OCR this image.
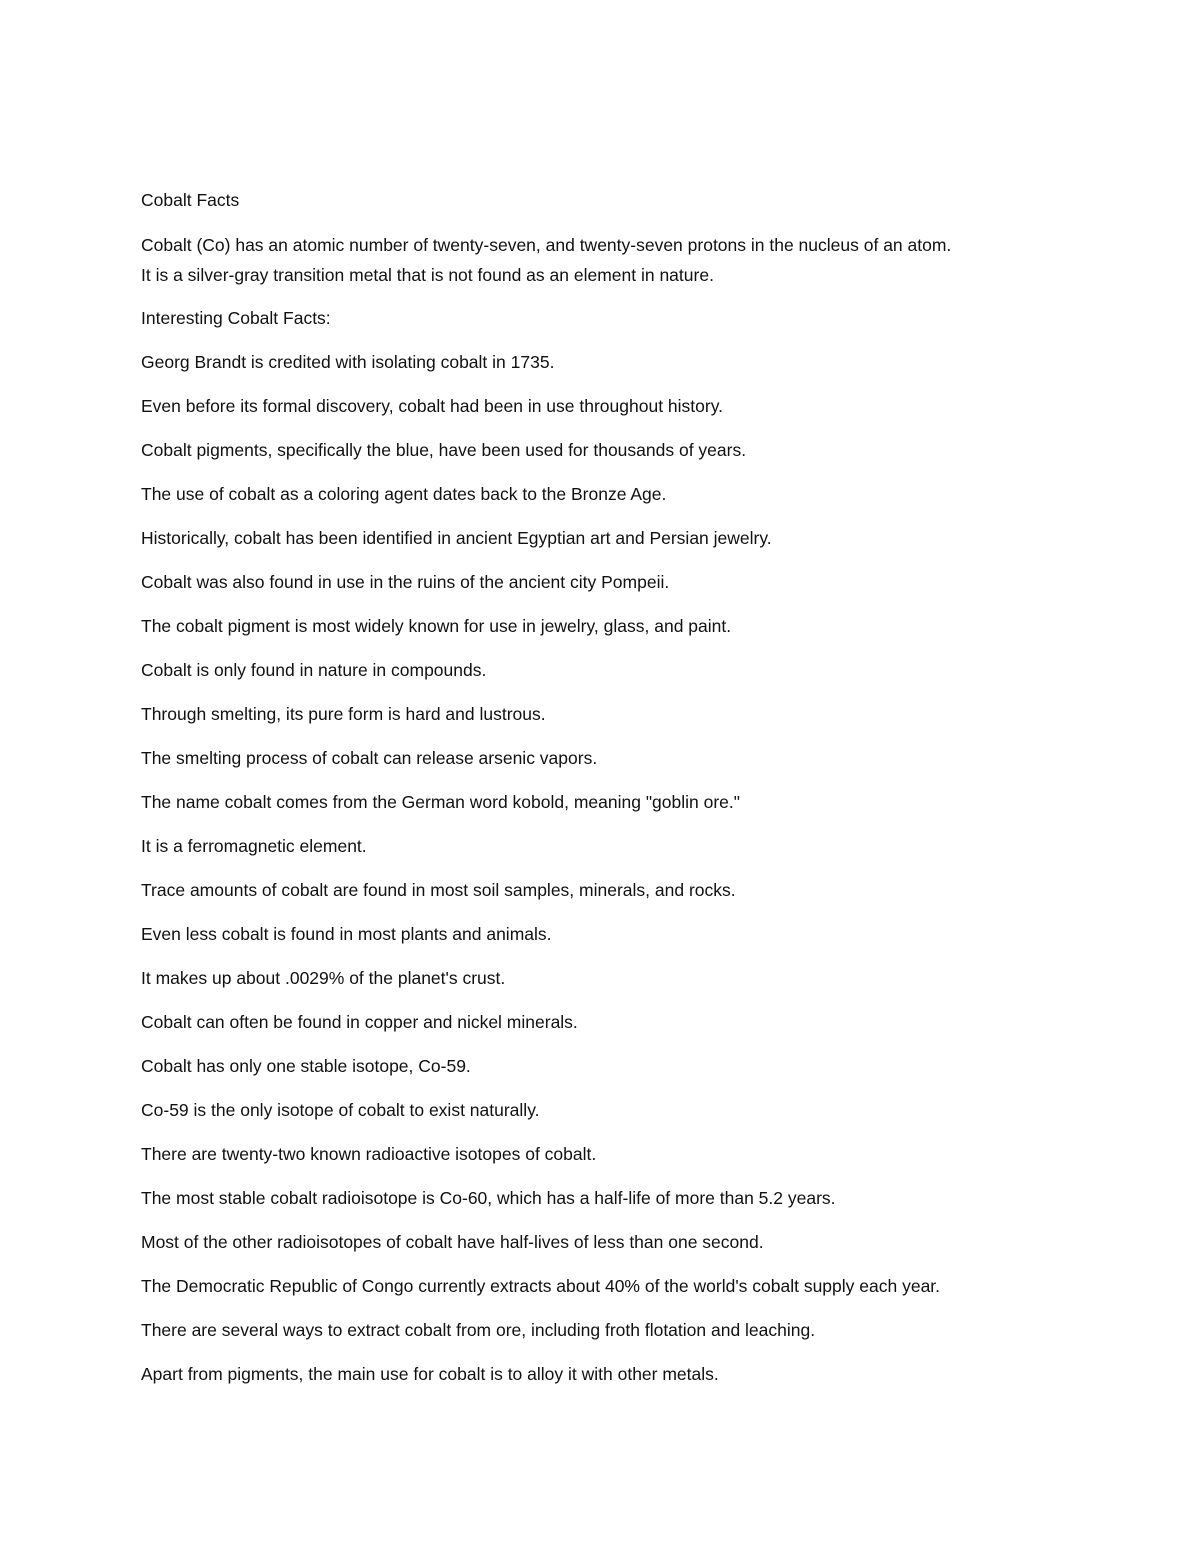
Cobalt Facts

Cobalt (Co) has an atomic number of twenty-seven, and twenty-seven protons in the nucleus of an atom.

It is a silver-gray transition metal that is not found as an element in nature.

Interesting Cobalt Facts:
Georg Brandt is credited with isolating cobalt in 1735.
Even before its formal discovery, cobalt had been in use throughout history.
Cobalt pigments, specifically the blue, have been used for thousands of years.
The use of cobalt as a coloring agent dates back to the Bronze Age.
Historically, cobalt has been identified in ancient Egyptian art and Persian jewelry.
Cobalt was also found in use in the ruins of the ancient city Pompeii.
The cobalt pigment is most widely known for use in jewelry, glass, and paint.
Cobalt is only found in nature in compounds.
Through smelting, its pure form is hard and lustrous.
The smelting process of cobalt can release arsenic vapors.
The name cobalt comes from the German word kobold, meaning "goblin ore."
It is a ferromagnetic element.
Trace amounts of cobalt are found in most soil samples, minerals, and rocks.
Even less cobalt is found in most plants and animals.
It makes up about .0029% of the planet's crust.
Cobalt can often be found in copper and nickel minerals.
Cobalt has only one stable isotope, Co-59.
Co-59 is the only isotope of cobalt to exist naturally.
There are twenty-two known radioactive isotopes of cobalt.
The most stable cobalt radioisotope is Co-60, which has a half-life of more than 5.2 years.
Most of the other radioisotopes of cobalt have half-lives of less than one second.
The Democratic Republic of Congo currently extracts about 40% of the world's cobalt supply each year.
There are several ways to extract cobalt from ore, including froth flotation and leaching.
Apart from pigments, the main use for cobalt is to alloy it with other metals.
